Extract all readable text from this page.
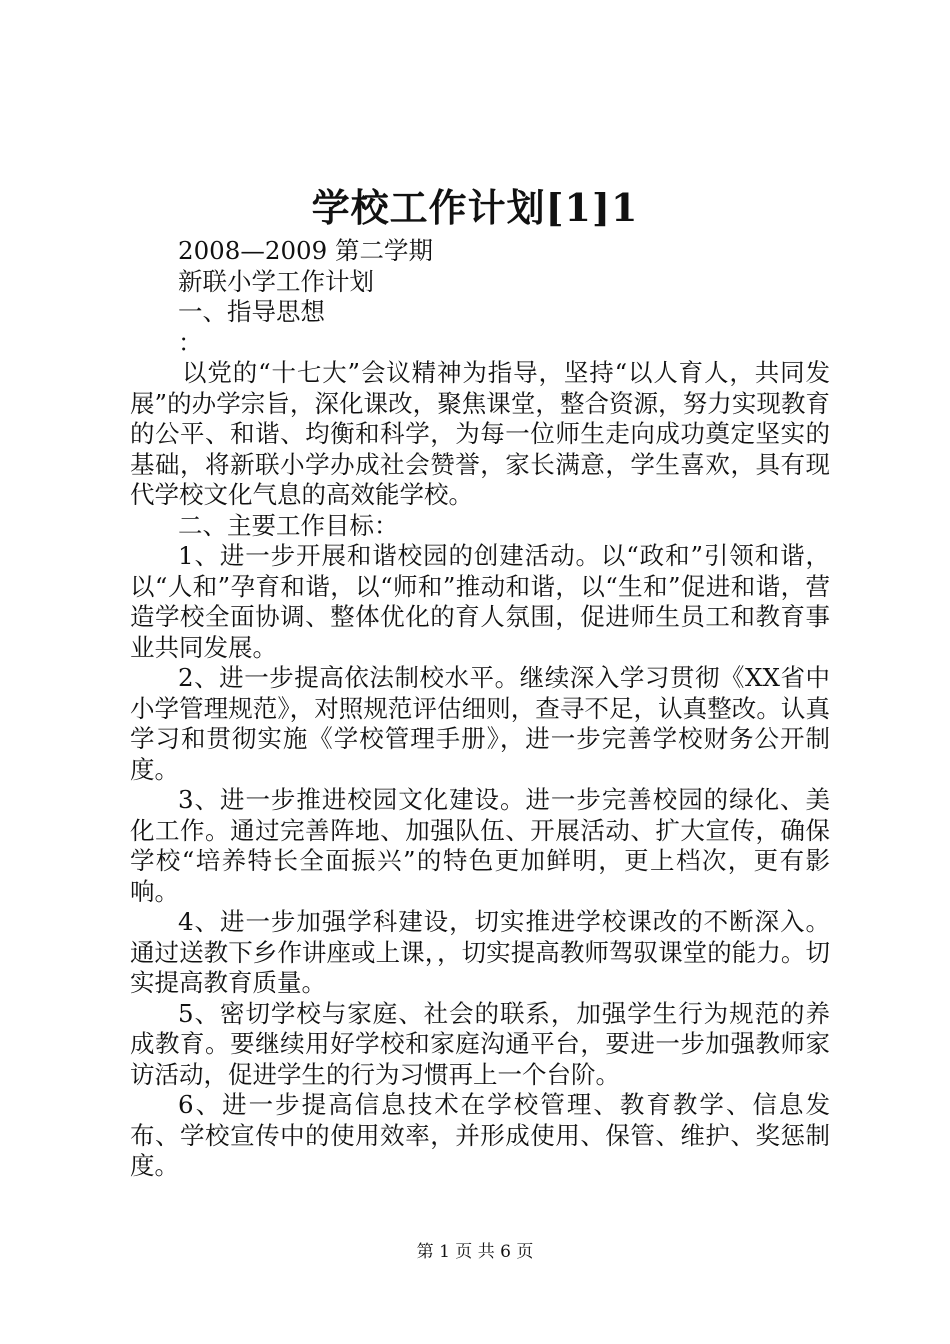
学校工作计划[1]1
2008—2009 第二学期
新联小学工作计划
一、指导思想
：

以党的“十七大”会议精神为指导，坚持“以人育人，共同发展”的办学宗旨，深化课改，聚焦课堂，整合资源，努力实现教育的公平、和谐、均衡和科学，为每一位师生走向成功奠定坚实的基础，将新联小学办成社会赞誉，家长满意，学生喜欢，具有现代学校文化气息的高效能学校。

二、主要工作目标：

1、进一步开展和谐校园的创建活动。以“政和”引领和谐，以“人和”孕育和谐，以“师和”推动和谐，以“生和”促进和谐，营造学校全面协调、整体优化的育人氛围，促进师生员工和教育事业共同发展。

2、进一步提高依法制校水平。继续深入学习贯彻《XX省中小学管理规范》，对照规范评估细则，查寻不足，认真整改。认真学习和贯彻实施《学校管理手册》，进一步完善学校财务公开制度。

3、进一步推进校园文化建设。进一步完善校园的绿化、美化工作。通过完善阵地、加强队伍、开展活动、扩大宣传，确保学校“培养特长全面振兴”的特色更加鲜明，更上档次，更有影响。

4、进一步加强学科建设，切实推进学校课改的不断深入。通过送教下乡作讲座或上课，，切实提高教师驾驭课堂的能力。切实提高教育质量。

5、密切学校与家庭、社会的联系，加强学生行为规范的养成教育。要继续用好学校和家庭沟通平台，要进一步加强教师家访活动，促进学生的行为习惯再上一个台阶。

6、进一步提高信息技术在学校管理、教育教学、信息发布、学校宣传中的使用效率，并形成使用、保管、维护、奖惩制度。

第 1 页 共 6 页
